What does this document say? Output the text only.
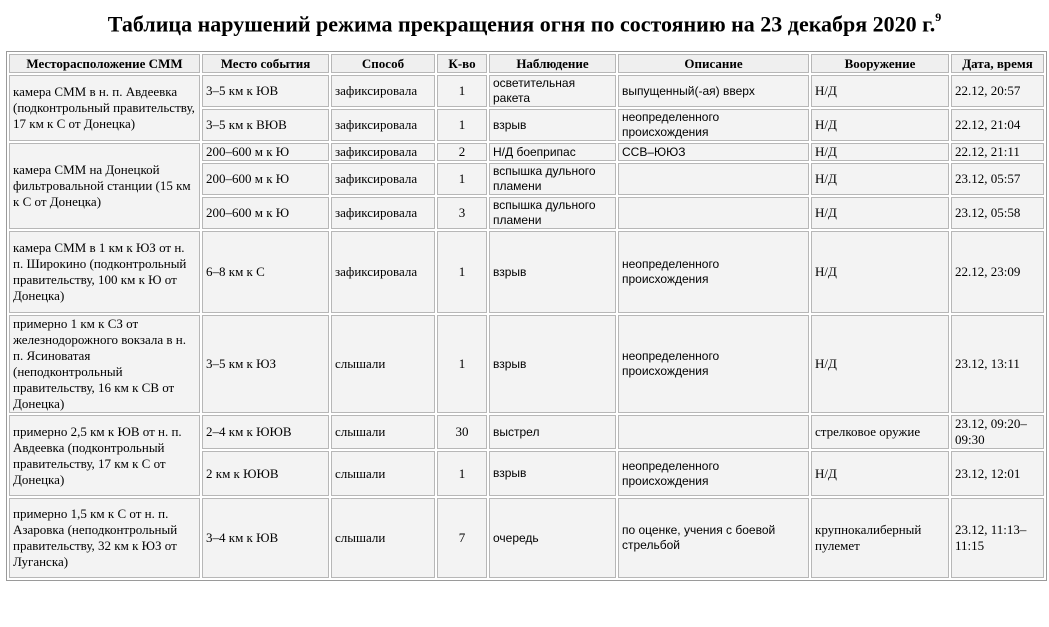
Таблица нарушений режима прекращения огня по состоянию на 23 декабря 2020 г.$^9$
Месторасположение СММ	Место события	Способ	К-во	Наблюдение	Описание	Вооружение	Дата, время
камера СММ в н. п. Авдеевка (подконтрольный правительству, 17 км к С от Донецка)	3–5 км к ЮВ	зафиксировала	1	осветительная ракета	выпущенный(-ая) вверх	Н/Д	22.12, 20:57
	3–5 км к ВЮВ	зафиксировала	1	взрыв	неопределенного происхождения	Н/Д	22.12, 21:04
камера СММ на Донецкой фильтровальной станции (15 км к С от Донецка)	200–600 м к Ю	зафиксировала	2	Н/Д боеприпас	ССВ–ЮЮЗ	Н/Д	22.12, 21:11
	200–600 м к Ю	зафиксировала	1	вспышка дульного пламени		Н/Д	23.12, 05:57
	200–600 м к Ю	зафиксировала	3	вспышка дульного пламени		Н/Д	23.12, 05:58
камера СММ в 1 км к ЮЗ от н. п. Широкино (подконтрольный правительству, 100 км к Ю от Донецка)	6–8 км к С	зафиксировала	1	взрыв	неопределенного происхождения	Н/Д	22.12, 23:09
примерно 1 км к СЗ от железнодорожного вокзала в н. п. Ясиноватая (неподконтрольный правительству, 16 км к СВ от Донецка)	3–5 км к ЮЗ	слышали	1	взрыв	неопределенного происхождения	Н/Д	23.12, 13:11
примерно 2,5 км к ЮВ от н. п. Авдеевка (подконтрольный правительству, 17 км к С от Донецка)	2–4 км к ЮЮВ	слышали	30	выстрел		стрелковое оружие	23.12, 09:20–09:30
	2 км к ЮЮВ	слышали	1	взрыв	неопределенного происхождения	Н/Д	23.12, 12:01
примерно 1,5 км к С от н. п. Азаровка (неподконтрольный правительству, 32 км к ЮЗ от Луганска)	3–4 км к ЮВ	слышали	7	очередь	по оценке, учения с боевой стрельбой	крупнокалиберный пулемет	23.12, 11:13–11:15
